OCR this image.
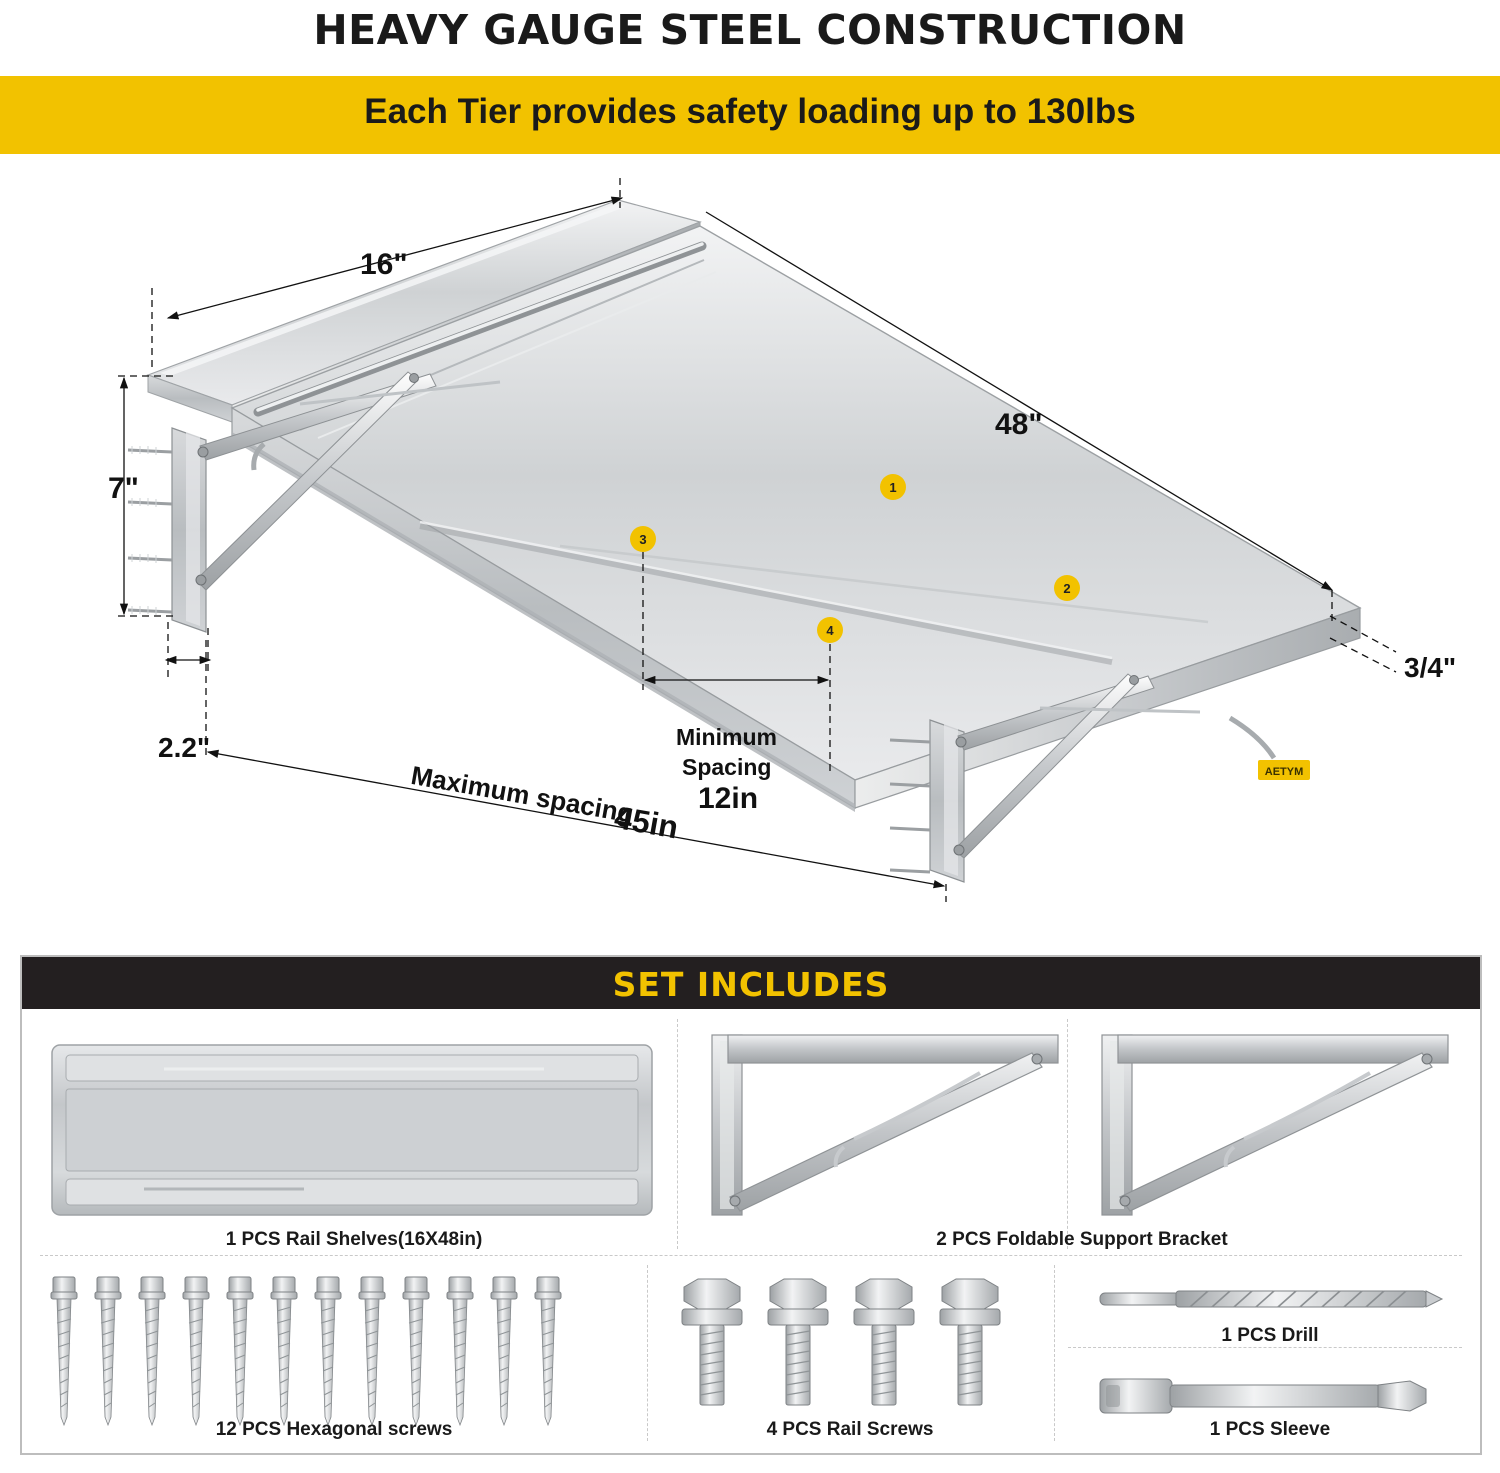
HEAVY GAUGE STEEL CONSTRUCTION
Each Tier provides safety loading up to 130lbs
AETYM
1
2
3
4
16"
48"
7"
3/4"
2.2"	Minimum
Spacing
12in
Maximum spacing
45in
SET INCLUDES
1 PCS Rail Shelves(16X48in)	2 PCS Foldable Support Bracket
12 PCS Hexagonal screws	4 PCS Rail Screws
1 PCS Drill
1 PCS Sleeve
